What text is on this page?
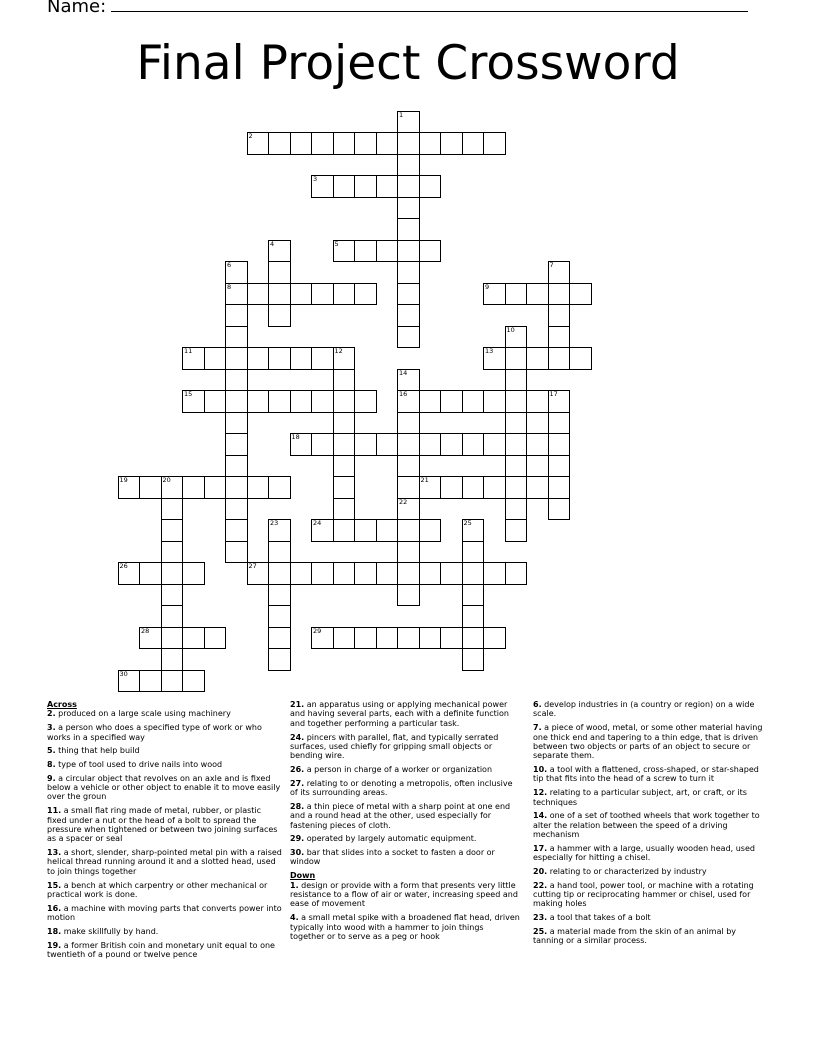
Name:
Final Project Crossword
1
2
3
4	5
6
8
7
9
10
11	12	13
14
16
22
15	17
18
19	20	21
23	24	25
26	27
28	29
30
Across

2. produced on a large scale using machinery

3. a person who does a specified type of work or who works in a specified way

5. thing that help build

8. type of tool used to drive nails into wood

9. a circular object that revolves on an axle and is fixed below a vehicle or other object to enable it to move easily over the groun

11. a small flat ring made of metal, rubber, or plastic fixed under a nut or the head of a bolt to spread the pressure when tightened or between two joining surfaces as a spacer or seal

13. a short, slender, sharp-pointed metal pin with a raised helical thread running around it and a slotted head, used to join things together

15. a bench at which carpentry or other mechanical or practical work is done.

16. a machine with moving parts that converts power into motion

18. make skillfully by hand.

19. a former British coin and monetary unit equal to one twentieth of a pound or twelve pence

21. an apparatus using or applying mechanical power and having several parts, each with a definite function and together performing a particular task.

24. pincers with parallel, flat, and typically serrated surfaces, used chiefly for gripping small objects or bending wire.

26. a person in charge of a worker or organization

27. relating to or denoting a metropolis, often inclusive of its surrounding areas.

28. a thin piece of metal with a sharp point at one end and a round head at the other, used especially for fastening pieces of cloth.

29. operated by largely automatic equipment.

30. bar that slides into a socket to fasten a door or window

Down

1. design or provide with a form that presents very little resistance to a flow of air or water, increasing speed and ease of movement

4. a small metal spike with a broadened flat head, driven typically into wood with a hammer to join things together or to serve as a peg or hook

6. develop industries in (a country or region) on a wide scale.

7. a piece of wood, metal, or some other material having one thick end and tapering to a thin edge, that is driven between two objects or parts of an object to secure or separate them.

10. a tool with a flattened, cross-shaped, or star-shaped tip that fits into the head of a screw to turn it

12. relating to a particular subject, art, or craft, or its techniques

14. one of a set of toothed wheels that work together to alter the relation between the speed of a driving mechanism

17. a hammer with a large, usually wooden head, used especially for hitting a chisel.

20. relating to or characterized by industry

22. a hand tool, power tool, or machine with a rotating cutting tip or reciprocating hammer or chisel, used for making holes

23. a tool that takes of a bolt

25. a material made from the skin of an animal by tanning or a similar process.
